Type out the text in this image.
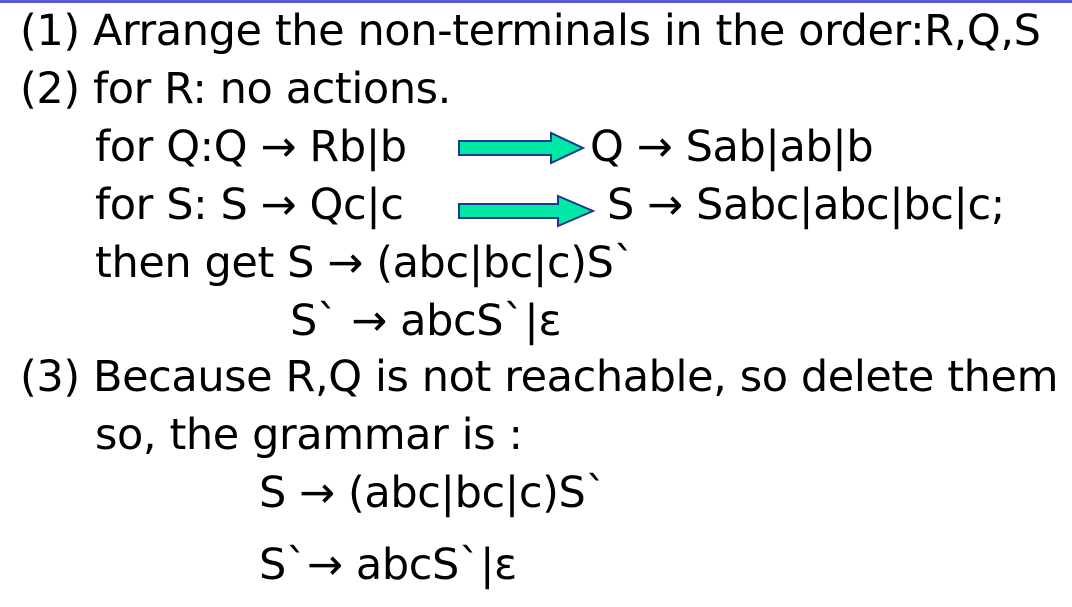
(1) Arrange the non-terminals in the order:R,Q,S
(2) for R: no actions.
for Q:Q → Rb|b	Q → Sab|ab|b
for S: S → Qc|c	S → Sabc|abc|bc|c;
then get S → (abc|bc|c)S`
S` → abcS`|ε
(3) Because R,Q is not reachable, so delete them
so, the grammar is :
S → (abc|bc|c)S`
S`→ abcS`|ε
